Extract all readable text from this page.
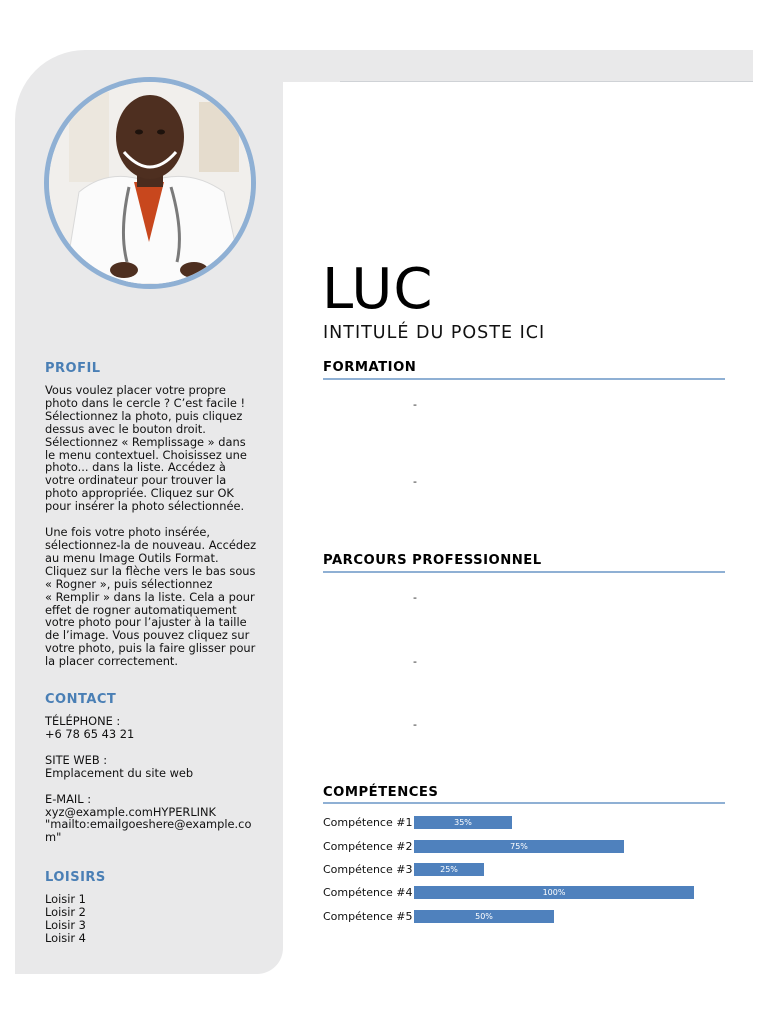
PROFIL

Vous voulez placer votre propre

photo dans le cercle ? C’est facile !

Sélectionnez la photo, puis cliquez

dessus avec le bouton droit.

Sélectionnez « Remplissage » dans

le menu contextuel. Choisissez une

photo... dans la liste. Accédez à

votre ordinateur pour trouver la

photo appropriée. Cliquez sur OK

pour insérer la photo sélectionnée.

Une fois votre photo insérée,

sélectionnez-la de nouveau. Accédez

au menu Image Outils Format.

Cliquez sur la flèche vers le bas sous

« Rogner », puis sélectionnez

« Remplir » dans la liste. Cela a pour

effet de rogner automatiquement

votre photo pour l’ajuster à la taille

de l’image. Vous pouvez cliquez sur

votre photo, puis la faire glisser pour

la placer correctement.

CONTACT

TÉLÉPHONE :

+6 78 65 43 21

SITE WEB :

Emplacement du site web

E-MAIL :

xyz@example.comHYPERLINK

"mailto:emailgoeshere@example.co

m"

LOISIRS

Loisir 1

Loisir 2

Loisir 3

Loisir 4

LUC
INTITULÉ DU POSTE ICI
FORMATION
-
-
PARCOURS PROFESSIONNEL
-
-
-
COMPÉTENCES
Compétence #1	35%
Compétence #2	75%
Compétence #3	25%
Compétence #4	100%
Compétence #5	50%
